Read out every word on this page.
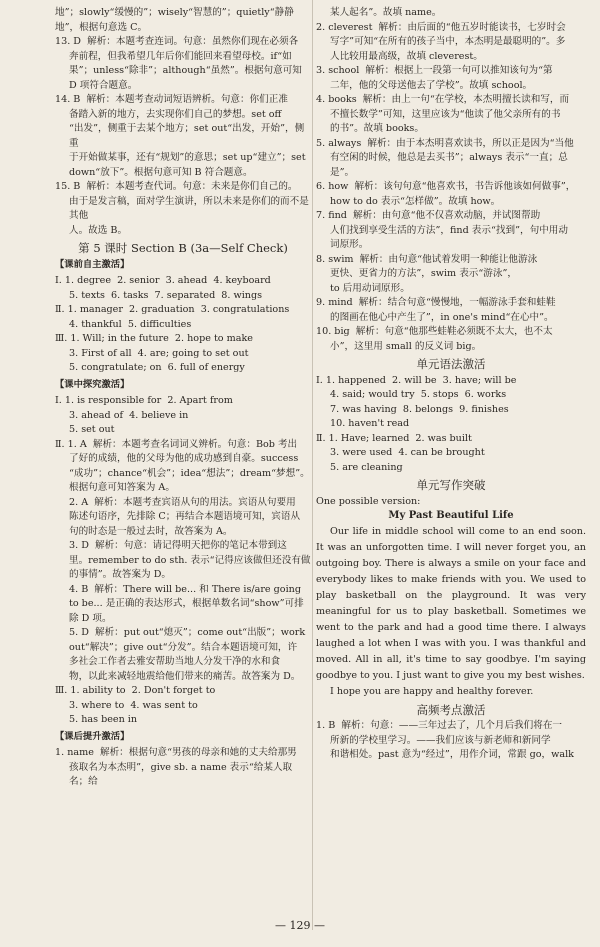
地”；slowly“缓慢的”；wisely“智慧的”；quietly“静静
地”，根据句意选 C。
13. D  解析：本题考查连词。句意：虽然你们现在必须各
奔前程，但我希望几年后你们能回来看望母校。if“如
果”；unless“除非”；although“虽然”。根据句意可知 D 项符合题意。
14. B  解析：本题考查动词短语辨析。句意：你们正准
备踏入新的地方，去实现你们自己的梦想。set off
“出发”，侧重于去某个地方；set out“出发，开始”，侧重
于开始做某事，还有“规划”的意思；set up“建立”；set
down“放下”。根据句意可知 B 符合题意。
15. B  解析：本题考查代词。句意：未来是你们自己的。
由于是发言稿，面对学生演讲，所以未来是你们的而不是其他
人。故选 B。
第 5 课时 Section B (3a—Self Check)
【课前自主激活】
Ⅰ. 1. degree  2. senior  3. ahead  4. keyboard
5. texts  6. tasks  7. separated  8. wings
Ⅱ. 1. manager  2. graduation  3. congratulations
4. thankful  5. difficulties
Ⅲ. 1. Will; in the future  2. hope to make
3. First of all  4. are; going to set out
5. congratulate; on  6. full of energy
【课中探究激活】
Ⅰ. 1. is responsible for  2. Apart from
3. ahead of  4. believe in
5. set out
Ⅱ. 1. A  解析：本题考查名词词义辨析。句意：Bob 考出
了好的成绩，他的父母为他的成功感到自豪。success
“成功”；chance“机会”；idea“想法”；dream“梦想”。
根据句意可知答案为 A。
2. A  解析：本题考查宾语从句的用法。宾语从句要用
陈述句语序，先排除 C；再结合本题语境可知，宾语从
句的时态是一般过去时，故答案为 A。
3. D  解析：句意：请记得明天把你的笔记本带到这
里。remember to do sth. 表示“记得应该做但还没有做
的事情”。故答案为 D。
4. B  解析：There will be... 和 There is/are going
to be... 是正确的表达形式，根据单数名词“show”可排
除 D 项。
5. D  解析：put out“熄灭”；come out“出版”；work
out“解决”；give out“分发”。结合本题语境可知，许
多社会工作者去雅安帮助当地人分发干净的水和食
物，以此来减轻地震给他们带来的痛苦。故答案为 D。
Ⅲ. 1. ability to  2. Don't forget to
3. where to  4. was sent to
5. has been in
【课后提升激活】
1. name  解析：根据句意“男孩的母亲和她的丈夫给那男
孩取名为本杰明”，give sb. a name 表示“给某人取名；给
某人起名”。故填 name。
2. cleverest  解析：由后面的“他五岁时能读书，七岁时会
写字”可知“在所有的孩子当中，本杰明是最聪明的”。多
人比较用最高级，故填 cleverest。
3. school  解析：根据上一段第一句可以推知该句为“第
二年，他的父母送他去了学校”。故填 school。
4. books  解析：由上一句“在学校，本杰明擅长读和写，而
不擅长数学”可知，这里应该为“他读了他父亲所有的书
的书”。故填 books。
5. always  解析：由于本杰明喜欢读书，所以正是因为“当他
有空闲的时候，他总是去买书”；always 表示“一直；总是”。
6. how  解析：该句句意“他喜欢书，书告诉他该如何做事”，
how to do 表示“怎样做”。故填 how。
7. find  解析：由句意“他不仅喜欢动脑，并试图帮助
人们找到享受生活的方法”，find 表示“找到”，句中用动
词原形。
8. swim  解析：由句意“他试着发明一种能让他游泳
更快、更省力的方法”，swim 表示“游泳”，
to 后用动词原形。
9. mind  解析：结合句意“慢慢地，一幅游泳手套和蛙鞋
的图画在他心中产生了”，in one's mind“在心中”。
10. big  解析：句意“他那些蛙鞋必须既不太大，也不太
小”，这里用 small 的反义词 big。
单元语法激活
Ⅰ. 1. happened  2. will be  3. have; will be
4. said; would try  5. stops  6. works
7. was having  8. belongs  9. finishes
10. haven't read
Ⅱ. 1. Have; learned  2. was built
3. were used  4. can be brought
5. are cleaning
单元写作突破
One possible version:
My Past Beautiful Life

Our life in middle school will come to an end soon. It was an unforgotten time. I will never forget you, an outgoing boy. There is always a smile on your face and everybody likes to make friends with you. We used to play basketball on the playground. It was very meaningful for us to play basketball. Sometimes we went to the park and had a good time there. I always laughed a lot when I was with you. I was thankful and moved. All in all, it's time to say goodbye. I'm saying goodbye to you. I just want to give you my best wishes.

I hope you are happy and healthy forever.

高频考点激活
1. B  解析：句意：——三年过去了，几个月后我们将在一
所新的学校里学习。——我们应该与新老师和新同学
和谐相处。past 意为“经过”，用作介词，常跟 go，walk
— 129 —
